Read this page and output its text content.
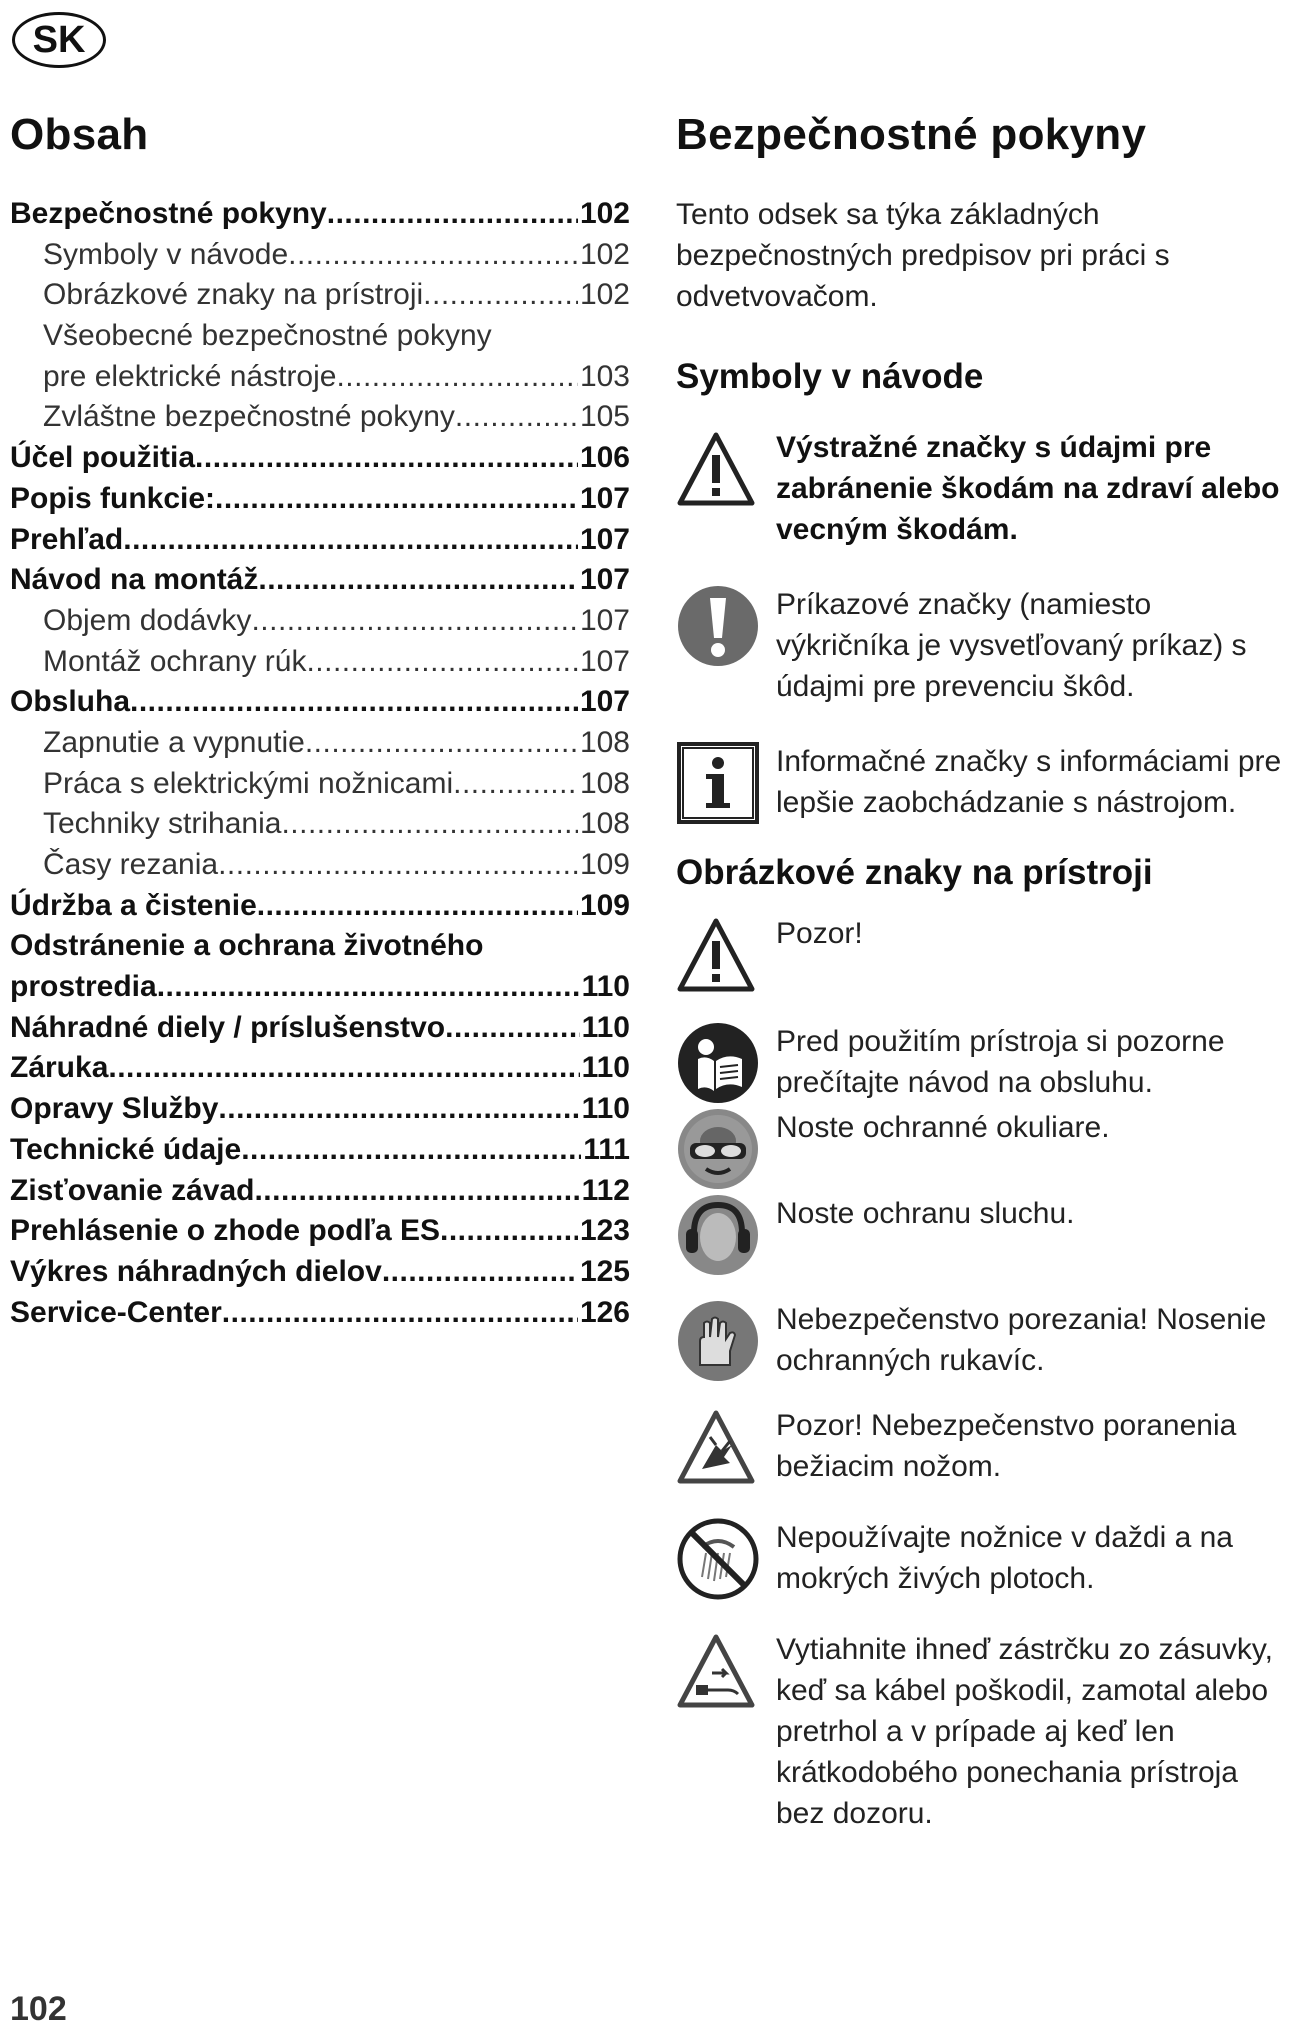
SK
Obsah
Bezpečnostné pokyny .....	102
Symboly v návode .....	102
Obrázkové znaky na prístroji .....	102
Všeobecné bezpečnostné pokyny
pre elektrické nástroje .....	103
Zvláštne bezpečnostné pokyny .....	105
Účel použitia .....	106
Popis funkcie: .....	107
Prehľad .....	107
Návod na montáž .....	107
Objem dodávky .....	107
Montáž ochrany rúk .....	107
Obsluha .....	107
Zapnutie a vypnutie .....	108
Práca s elektrickými nožnicami .....	108
Techniky strihania .....	108
Časy rezania .....	109
Údržba a čistenie .....	109
Odstránenie a ochrana životného
prostredia .....	110
Náhradné diely / príslušenstvo .....	110
Záruka .....	110
Opravy Služby .....	110
Technické údaje .....	111
Zisťovanie závad .....	112
Prehlásenie o zhode podľa ES .....	123
Výkres náhradných dielov .....	125
Service-Center .....	126
Bezpečnostné pokyny
Tento odsek sa týka základných bezpečnostných predpisov pri práci s odvetvovačom.
Symboly v návode
Výstražné značky s údajmi pre zabránenie škodám na zdraví alebo vecným škodám.
Príkazové značky (namiesto výkričníka je vysvetľovaný príkaz) s údajmi pre prevenciu škôd.
Informačné značky s informáciami pre lepšie zaobchádzanie s nástrojom.
Obrázkové znaky na prístroji
Pozor!
Pred použitím prístroja si pozorne prečítajte návod na obsluhu.
Noste ochranné okuliare.
Noste ochranu sluchu.
Nebezpečenstvo porezania! Nosenie ochranných rukavíc.
Pozor! Nebezpečenstvo poranenia bežiacim nožom.
Nepoužívajte nožnice v daždi a na mokrých živých plotoch.
Vytiahnite ihneď zástrčku zo zásuvky, keď sa kábel poškodil, zamotal alebo pretrhol a v prípade aj keď len krátkodobého ponechania prístroja bez dozoru.
102
